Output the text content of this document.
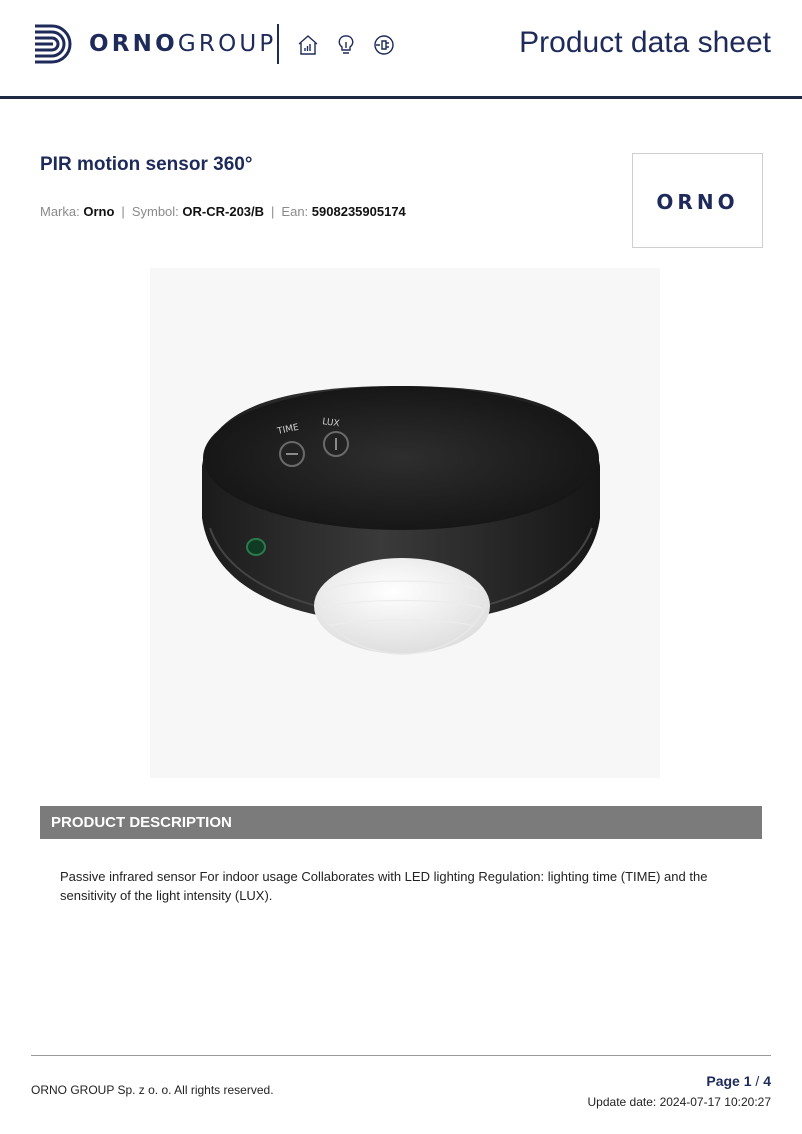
ORNOGROUP	Product data sheet
PIR motion sensor 360°
Marka: Orno | Symbol: OR-CR-203/B | Ean: 5908235905174	ORNO
TIME LUX
PRODUCT DESCRIPTION
Passive infrared sensor For indoor usage Collaborates with LED lighting Regulation: lighting time (TIME) and the sensitivity of the light intensity (LUX).
ORNO GROUP Sp. z o. o. All rights reserved.
Page 1 / 4
Update date: 2024-07-17 10:20:27
